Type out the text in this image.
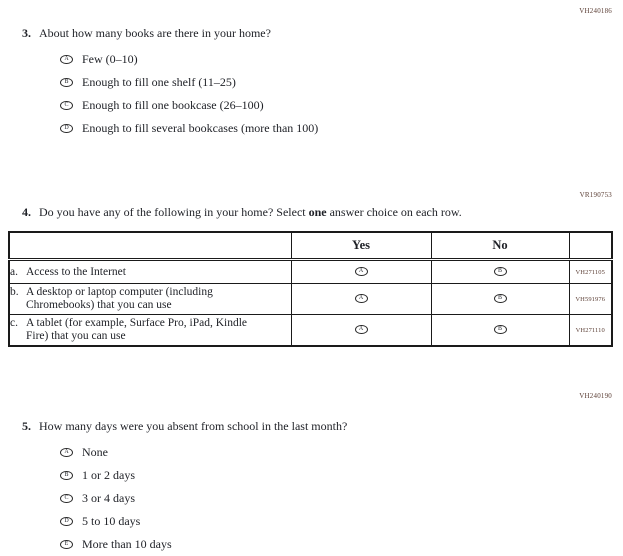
VH240186
VR190753
VH240190
3. About how many books are there in your home?
A	Few (0–10)
B	Enough to fill one shelf (11–25)
C	Enough to fill one bookcase (26–100)
D	Enough to fill several bookcases (more than 100)
4. Do you have any of the following in your home? Select one answer choice on each row.
	Yes	No	

a. Access to the Internet	A	B	VH271105

b. A desktop or laptop computer (including Chromebooks) that you can use	A	B	VH591976

c. A tablet (for example, Surface Pro, iPad, Kindle Fire) that you can use	A	B	VH271110
5. How many days were you absent from school in the last month?
A	None
B	1 or 2 days
C	3 or 4 days
D	5 to 10 days
E	More than 10 days
